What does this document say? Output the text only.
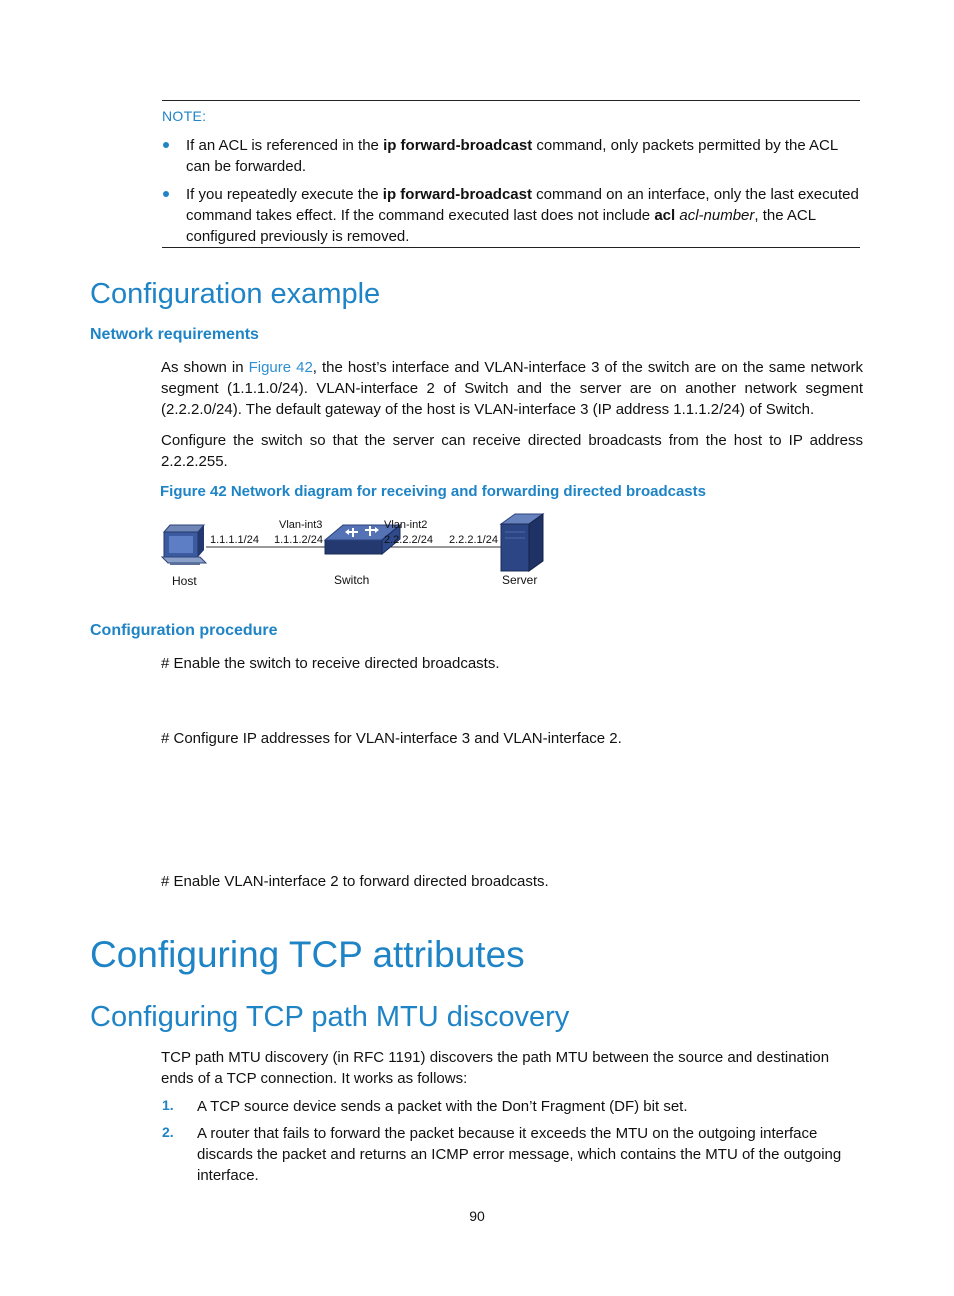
NOTE:
If an ACL is referenced in the ip forward-broadcast command, only packets permitted by the ACL can be forwarded.
If you repeatedly execute the ip forward-broadcast command on an interface, only the last executed command takes effect. If the command executed last does not include acl acl-number, the ACL configured previously is removed.
Configuration example
Network requirements
As shown in Figure 42, the host’s interface and VLAN-interface 3 of the switch are on the same network segment (1.1.1.0/24). VLAN-interface 2 of Switch and the server are on another network segment (2.2.2.0/24). The default gateway of the host is VLAN-interface 3 (IP address 1.1.1.2/24) of Switch.
Configure the switch so that the server can receive directed broadcasts from the host to IP address 2.2.2.255.
Figure 42 Network diagram for receiving and forwarding directed broadcasts
1.1.1.1/24
Vlan-int3
1.1.1.2/24
Vlan-int2
2.2.2.2/24 2.2.2.1/24
Host	Switch	Server
Configuration procedure
# Enable the switch to receive directed broadcasts.
# Configure IP addresses for VLAN-interface 3 and VLAN-interface 2.
# Enable VLAN-interface 2 to forward directed broadcasts.
Configuring TCP attributes
Configuring TCP path MTU discovery
TCP path MTU discovery (in RFC 1191) discovers the path MTU between the source and destination ends of a TCP connection. It works as follows:
1. A TCP source device sends a packet with the Don’t Fragment (DF) bit set.
2. A router that fails to forward the packet because it exceeds the MTU on the outgoing interface discards the packet and returns an ICMP error message, which contains the MTU of the outgoing interface.
90
